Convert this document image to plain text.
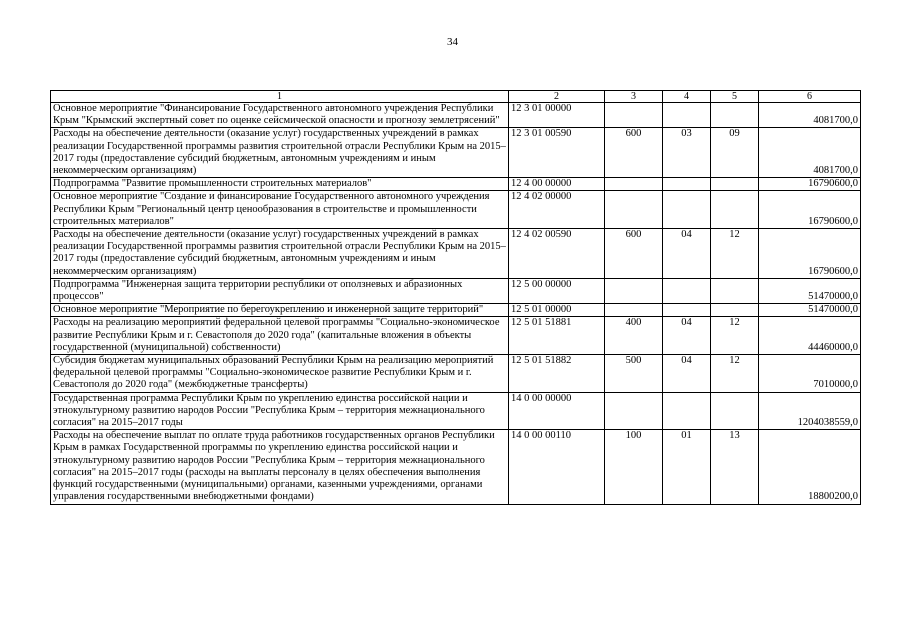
34
1	2	3	4	5	6
Основное мероприятие "Финансирование Государственного автономного учреждения Республики Крым "Крымский экспертный совет по оценке сейсмической опасности и прогнозу землетрясений"	12 3 01 00000				4081700,0
Расходы на обеспечение деятельности (оказание услуг) государственных учреждений в рамках реализации Государственной программы развития строительной отрасли Республики Крым на 2015–2017 годы (предоставление субсидий бюджетным, автономным учреждениям и иным некоммерческим организациям)	12 3 01 00590	600	03	09	4081700,0
Подпрограмма "Развитие промышленности строительных материалов"	12 4 00 00000				16790600,0
Основное мероприятие "Создание и финансирование Государственного автономного учреждения Республики Крым "Региональный центр ценообразования в строительстве и промышленности строительных материалов"	12 4 02 00000				16790600,0
Расходы на обеспечение деятельности (оказание услуг) государственных учреждений в рамках реализации Государственной программы развития строительной отрасли Республики Крым на 2015–2017 годы (предоставление субсидий бюджетным, автономным учреждениям и иным некоммерческим организациям)	12 4 02 00590	600	04	12	16790600,0
Подпрограмма "Инженерная защита территории республики от оползневых и абразионных процессов"	12 5 00 00000				51470000,0
Основное мероприятие "Мероприятие по берегоукреплению и инженерной защите территорий"	12 5 01 00000				51470000,0
Расходы на реализацию мероприятий федеральной целевой программы "Социально-экономическое развитие Республики Крым и г. Севастополя до 2020 года" (капитальные вложения в объекты государственной (муниципальной) собственности)	12 5 01 51881	400	04	12	44460000,0
Субсидия бюджетам муниципальных образований Республики Крым на реализацию мероприятий федеральной целевой программы "Социально-экономическое развитие Республики Крым и г. Севастополя до 2020 года" (межбюджетные трансферты)	12 5 01 51882	500	04	12	7010000,0
Государственная программа Республики Крым по укреплению единства российской нации и этнокультурному развитию народов России "Республика Крым – территория межнационального согласия" на 2015–2017 годы	14 0 00 00000				1204038559,0
Расходы на обеспечение выплат по оплате труда работников государственных органов Республики Крым в рамках Государственной программы по укреплению единства российской нации и этнокультурному развитию народов России "Республика Крым – территория межнационального согласия" на 2015–2017 годы (расходы на выплаты персоналу в целях обеспечения выполнения функций государственными (муниципальными) органами, казенными учреждениями, органами управления государственными внебюджетными фондами)	14 0 00 00110	100	01	13	18800200,0
